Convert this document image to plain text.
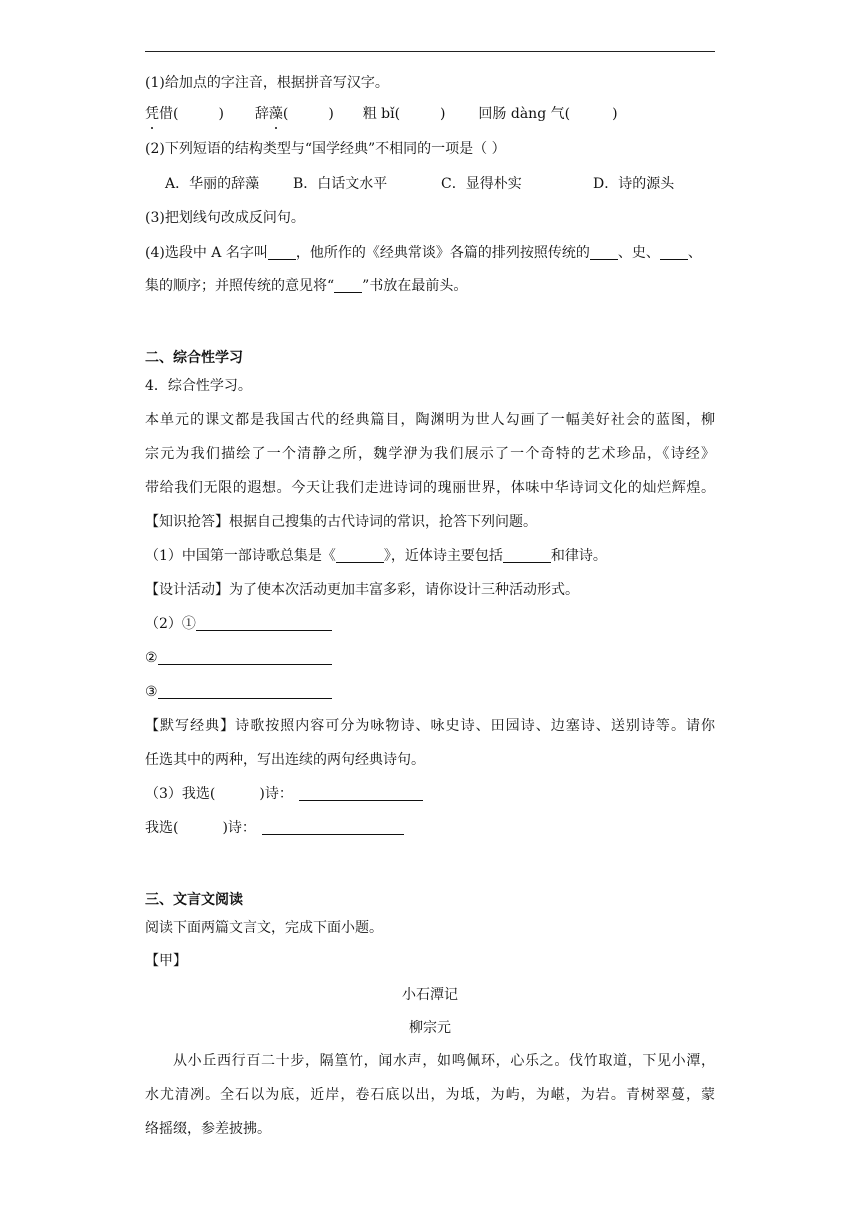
(1)给加点的字注音，根据拼音写汉字。
凭借(	) 辞藻(	) 粗 bǐ(	) 回肠 dàng 气(	)
(2)下列短语的结构类型与“国学经典”不相同的一项是（ ）
A．华丽的辞藻 B．白话文水平	C．显得朴实	D．诗的源头
(3)把划线句改成反问句。
(4)选段中 A 名字叫 ，他所作的《经典常谈》各篇的排列按照传统的 、史、 、
集的顺序；并照传统的意见将“ ”书放在最前头。
二、综合性学习
4．综合性学习。
本单元的课文都是我国古代的经典篇目，陶渊明为世人勾画了一幅美好社会的蓝图，柳
宗元为我们描绘了一个清静之所，魏学洢为我们展示了一个奇特的艺术珍品，《诗经》
带给我们无限的遐想。今天让我们走进诗词的瑰丽世界，体味中华诗词文化的灿烂辉煌。
【知识抢答】根据自己搜集的古代诗词的常识，抢答下列问题。
（1）中国第一部诗歌总集是《	》，近体诗主要包括	和律诗。
【设计活动】为了使本次活动更加丰富多彩，请你设计三种活动形式。
（2）①
②
③
【默写经典】诗歌按照内容可分为咏物诗、咏史诗、田园诗、边塞诗、送别诗等。请你
任选其中的两种，写出连续的两句经典诗句。
（3）我选(	)诗：
我选(	)诗：
三、文言文阅读
阅读下面两篇文言文，完成下面小题。
【甲】
小石潭记
柳宗元
从小丘西行百二十步，隔篁竹，闻水声，如鸣佩环，心乐之。伐竹取道，下见小潭，
水尤清冽。全石以为底，近岸，卷石底以出，为坻，为屿，为嵁，为岩。青树翠蔓，蒙
络摇缀，参差披拂。
